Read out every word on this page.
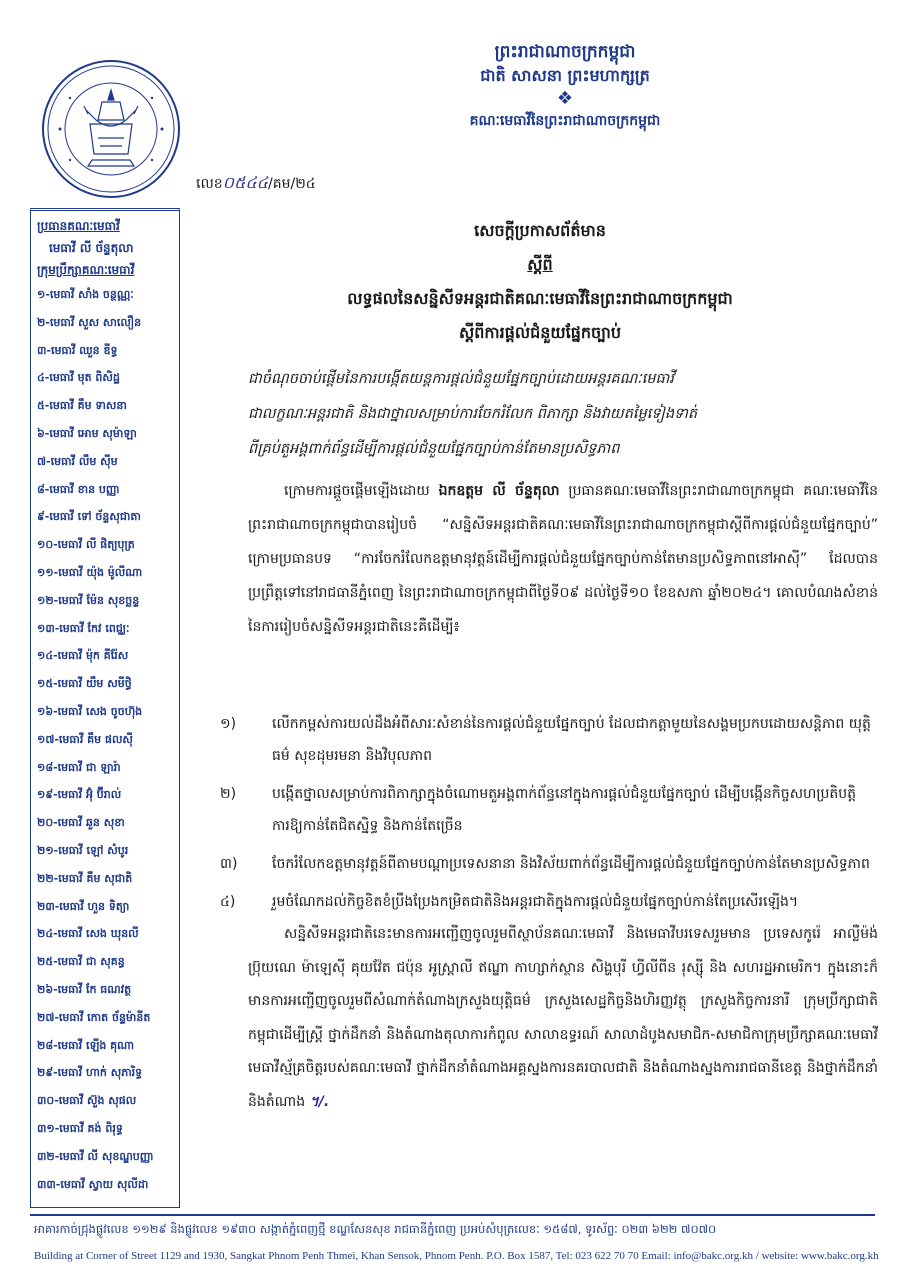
ព្រះរាជាណាចក្រកម្ពុជា
ជាតិ សាសនា ព្រះមហាក្សត្រ
❖
គណៈមេធាវីនៃព្រះរាជាណាចក្រកម្ពុជា
លេខ០៥៤៤/គម/២៤
ប្រធានគណៈមេធាវី
មេធាវី លី ច័ន្ទតុលា
ក្រុមប្រឹក្សាគណៈមេធាវី
១-មេធាវី សាំង ចន្ថណ្ណៈ
២-មេធាវី សួស សាលឿន
៣-មេធាវី ឈួន ឌីទ្ធ
៤-មេធាវី មុត ពិសិដ្ឋ
៥-មេធាវី គឹម ទាសនា
៦-មេធាវី អោម សុម៉ាឡា
៧-មេធាវី លឹម ស៊ីម
៨-មេធាវី ខាន បញ្ញា
៩-មេធាវី ទៅ ច័ន្ទសុជាតា
១០-មេធាវី លី ផិត្យបុត្រ
១១-មេធាវី យ៉ុង ម៉ូលីណា
១២-មេធាវី ម៉ែន សុខច្ឆន្ទ
១៣-មេធាវី កែវ ពេជ្ឈៈ
១៤-មេធាវី ម៉ុក គីរ៉ែស
១៥-មេធាវី យឹម សមីថ្ធិ
១៦-មេធាវី សេង ចូចហ៊ុង
១៧-មេធាវី គឹម ផលសុី
១៨-មេធាវី ជា ឡារ៉ា
១៩-មេធាវី អ៊ុំ ប៊ីរាល់
២០-មេធាវី ឆួន សុខា
២១-មេធាវី ឡៅ សំបូរ
២២-មេធាវី គឹម សុជាតិ
២៣-មេធាវី ហួន ទិត្យា
២៤-មេធាវី សេង ឃុនលី
២៥-មេធាវី ជា សុគន្ធ
២៦-មេធាវី កែ ធណវត្ថ
២៧-មេធាវី កោត ច័ន្ទម៉ានីត
២៨-មេធាវី ឡើង គុណា
២៩-មេធាវី ហាក់ សុភារិទ្ធ
៣០-មេធាវី ស៊ួង សុផល
៣១-មេធាវី គង់ ពិរុទ្ធ
៣២-មេធាវី លី សុខណ្ឌបញ្ញា
៣៣-មេធាវី ស្វាយ សុលីដា
សេចក្ដីប្រកាសព័ត៌មាន
ស្ដីពី
លទ្ធផលនៃសន្និសីទអន្តរជាតិគណៈមេធាវីនៃព្រះរាជាណាចក្រកម្ពុជា
ស្ដីពីការផ្តល់ជំនួយផ្នែកច្បាប់
ជាចំណុចចាប់ផ្តើមនៃការបង្កើតយន្តការផ្តល់ជំនួយផ្នែកច្បាប់ដោយអន្តរគណៈមេធាវី
ជាលក្ខណៈអន្តរជាតិ និងជាថ្នាលសម្រាប់ការចែករំលែក ពិភាក្សា និងវាយតម្លៃទៀងទាត់
ពីគ្រប់តួអង្គពាក់ព័ន្ធដើម្បីការផ្តល់ជំនួយផ្នែកច្បាប់កាន់តែមានប្រសិទ្ធភាព
ក្រោមការផ្តួចផ្តើមឡើងដោយ ឯកឧត្តម លី ច័ន្ទតុលា ប្រធានគណៈមេធាវីនៃព្រះរាជាណាចក្រកម្ពុជា គណៈមេធាវីនៃព្រះរាជាណាចក្រកម្ពុជាបានរៀបចំ “សន្និសីទអន្តរជាតិគណៈមេធាវីនៃព្រះរាជាណាចក្រកម្ពុជាស្ដីពីការផ្តល់ជំនួយផ្នែកច្បាប់” ក្រោមប្រធានបទ “ការចែករំលែកឧត្តមានុវត្តន៍ដើម្បីការផ្តល់ជំនួយផ្នែកច្បាប់កាន់តែមានប្រសិទ្ធភាពនៅអាស៊ី” ដែលបានប្រព្រឹត្តទៅនៅរាជធានីភ្នំពេញ នៃព្រះរាជាណាចក្រកម្ពុជាពីថ្ងៃទី០៩ ដល់ថ្ងៃទី១០ ខែឧសភា ឆ្នាំ២០២៤។ គោលបំណងសំខាន់នៃការរៀបចំសន្និសីទអន្តរជាតិនេះគឺដើម្បី៖
១)	លើកកម្ពស់ការយល់ដឹងអំពីសារៈសំខាន់នៃការផ្តល់ជំនួយផ្នែកច្បាប់ ដែលជាកត្តាមួយនៃសង្គមប្រកបដោយសន្តិភាព យុត្តិធម៌ សុខដុមរមនា និងវិបុលភាព
២)	បង្កើតថ្នាលសម្រាប់ការពិភាក្សាក្នុងចំណោមតួអង្គពាក់ព័ន្ធនៅក្នុងការផ្តល់ជំនួយផ្នែកច្បាប់ ដើម្បីបង្កើនកិច្ចសហប្រតិបត្តិការឱ្យកាន់តែជិតស្និទ្ធ និងកាន់តែច្រើន
៣)	ចែករំលែកឧត្តមានុវត្តន៍ពីតាមបណ្តាប្រទេសនានា និងវិស័យពាក់ព័ន្ធដើម្បីការផ្តល់ជំនួយផ្នែកច្បាប់កាន់តែមានប្រសិទ្ធភាព
៤)	រួមចំណែកដល់កិច្ចខិតខំប្រឹងប្រែងកម្រិតជាតិនិងអន្តរជាតិក្នុងការផ្តល់ជំនួយផ្នែកច្បាប់កាន់តែប្រសើរឡើង។
សន្និសីទអន្តរជាតិនេះមានការអញ្ជើញចូលរួមពីស្ថាប័នគណៈមេធាវី និងមេធាវីបរទេសរួមមាន ប្រទេសកូរ៉េ អាល្លឺម៉ង់ ប្រ៊ុយណេ ម៉ាឡេស៊ី គុយវ៉ែត ជប៉ុន អូស្ត្រាលី ឥណ្ឌា កាហ្សាក់ស្ថាន សិង្ហបុរី ហ្វីលីពីន រុស្ស៊ី និង សហរដ្ឋអាមេរិក។ ក្នុងនោះក៏មានការអញ្ជើញចូលរួមពីសំណាក់តំណាងក្រសួងយុត្តិធម៌ ក្រសួងសេដ្ឋកិច្ចនិងហិរញ្ញវត្ថុ ក្រសួងកិច្ចការនារី ក្រុមប្រឹក្សាជាតិកម្ពុជាដើម្បីស្ត្រី ថ្នាក់ដឹកនាំ និងតំណាងតុលាការកំពូល សាលាឧទ្ធរណ៍ សាលាដំបូងសមាជិក-សមាជិកាក្រុមប្រឹក្សាគណៈមេធាវី មេធាវីស្ម័គ្រចិត្តរបស់គណៈមេធាវី ថ្នាក់ដឹកនាំតំណាងអគ្គស្នងការនគរបាលជាតិ និងតំណាងស្នងការរាជធានីខេត្ត និងថ្នាក់ដឹកនាំ និងតំណាង ។/.
អាគារកាច់ជ្រុងផ្លូវលេខ ១១២៩ និងផ្លូវលេខ ១៩៣០ សង្កាត់ភ្នំពេញថ្មី ខណ្ឌសែនសុខ រាជធានីភ្នំពេញ ប្រអប់សំបុត្រលេខៈ ១៥៨៧, ទូរស័ព្ទៈ ០២៣ ៦២២ ៧០៧០
Building at Corner of Street 1129 and 1930, Sangkat Phnom Penh Thmei, Khan Sensok, Phnom Penh. P.O. Box 1587, Tel: 023 622 70 70 Email: info@bakc.org.kh / website: www.bakc.org.kh
